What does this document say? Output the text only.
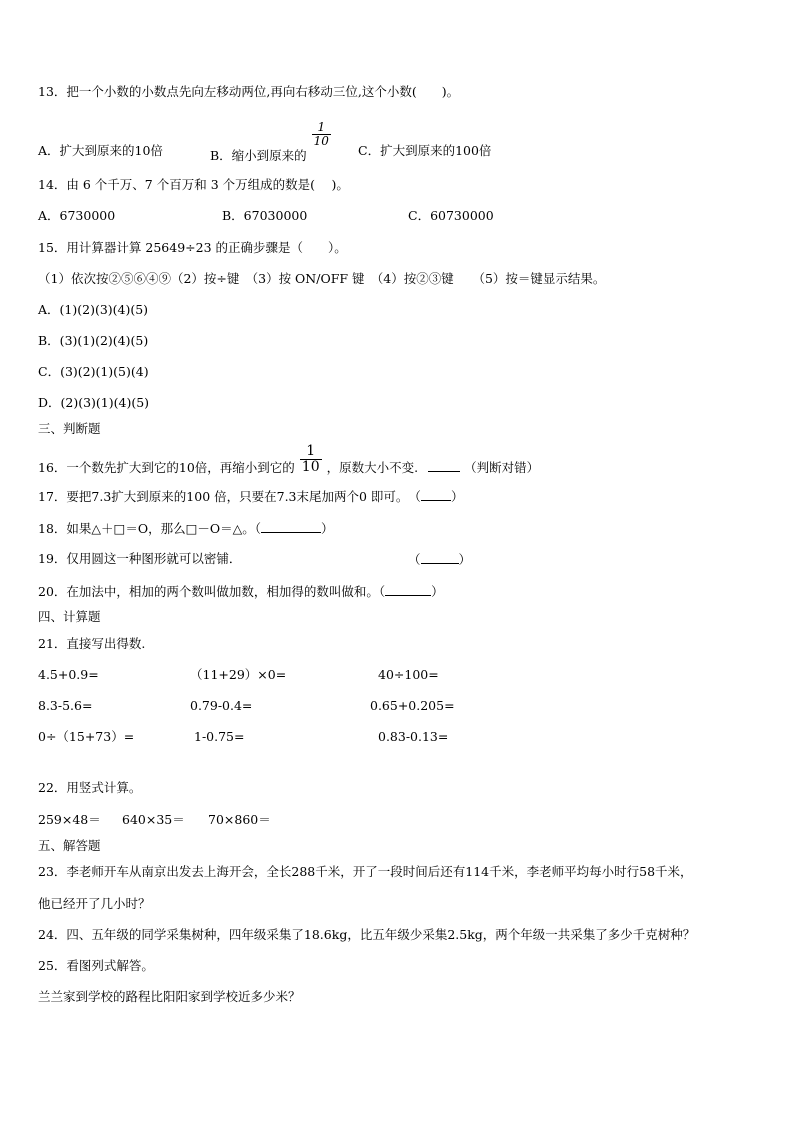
13．把一个小数的小数点先向左移动两位,再向右移动三位,这个小数(　　)。
A．扩大到原来的10倍	B．缩小到原来的
$\frac{1}{10}$
C．扩大到原来的100倍
14．由 6 个千万、7 个百万和 3 个万组成的数是(　 )。
A．6730000	B．67030000	C．60730000
15．用计算器计算 25649÷23 的正确步骤是（　　）。
（1）依次按②⑤⑥④⑨（2）按÷键　（3）按 ON/OFF 键　（4）按②③键　　（5）按＝键显示结果。
A．(1)(2)(3)(4)(5)
B．(3)(1)(2)(4)(5)
C．(3)(2)(1)(5)(4)
D．(2)(3)(1)(4)(5)
三、判断题
16．一个数先扩大到它的10倍，再缩小到它的 $\frac{1}{10}$ ，原数大小不变.	（判断对错）
17．要把7.3扩大到原来的100 倍，只要在7.3末尾加两个0 即可。　（ ）
18．如果△＋□＝O，那么□－O＝△。（	）
19．仅用圆这一种图形就可以密铺．	（	）
20．在加法中，相加的两个数叫做加数，相加得的数叫做和。（	）
四、计算题
21．直接写出得数.
4.5+0.9=	（11+29）×0=	40÷100=
8.3-5.6=	0.79-0.4=	0.65+0.205=
0÷（15+73）=	1-0.75=	0.83-0.13=
22．用竖式计算。
259×48＝ 640×35＝ 70×860＝
五、解答题
23．李老师开车从南京出发去上海开会，全长288千米，开了一段时间后还有114千米，李老师平均每小时行58千米，
他已经开了几小时？
24．四、五年级的同学采集树种，四年级采集了18.6kg，比五年级少采集2.5kg，两个年级一共采集了多少千克树种？
25．看图列式解答。
兰兰家到学校的路程比阳阳家到学校近多少米？
